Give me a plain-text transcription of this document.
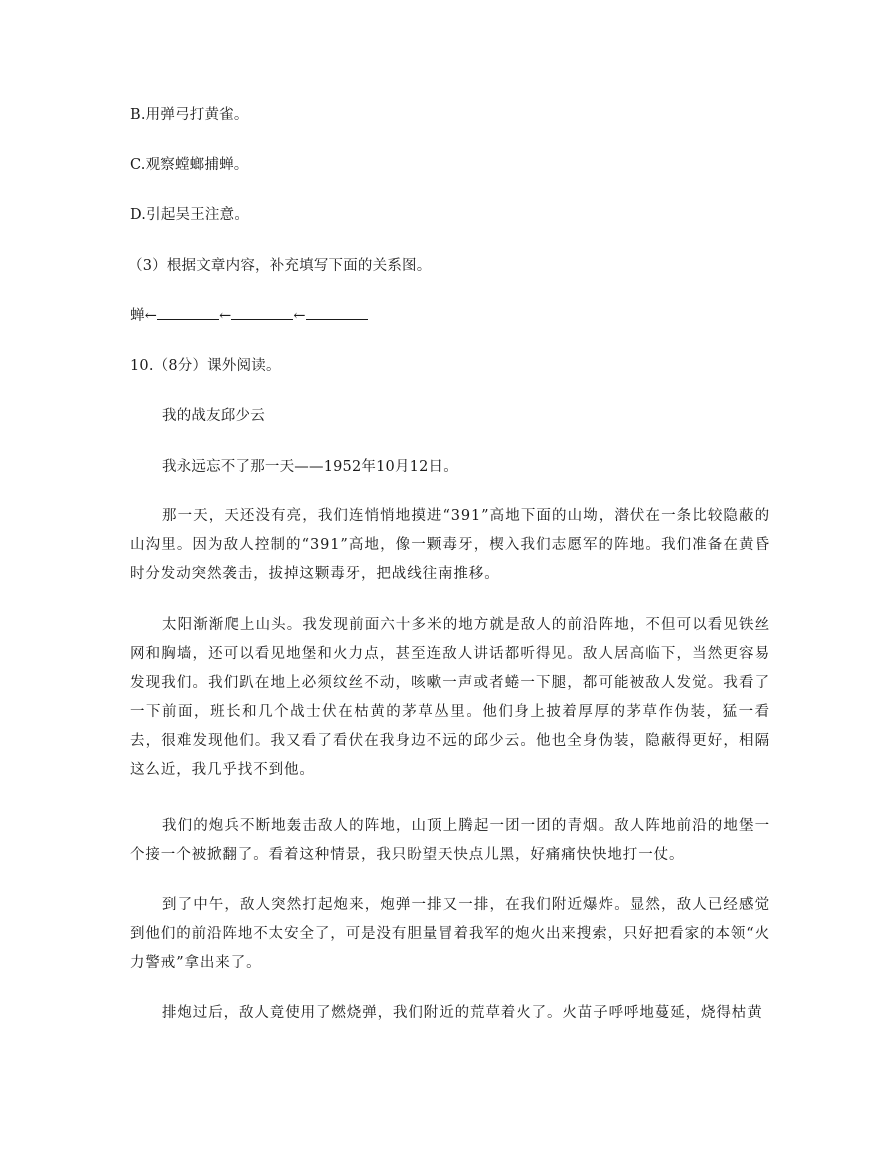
B.用弹弓打黄雀。
C.观察螳螂捕蝉。
D.引起吴王注意。
（3）根据文章内容，补充填写下面的关系图。
蝉←	←	←
10.（8分）课外阅读。
我的战友邱少云
我永远忘不了那一天——1952年10月12日。
那一天，天还没有亮，我们连悄悄地摸进“391”高地下面的山坳，潜伏在一条比较隐蔽的山沟里。因为敌人控制的“391”高地，像一颗毒牙，楔入我们志愿军的阵地。我们准备在黄昏时分发动突然袭击，拔掉这颗毒牙，把战线往南推移。
太阳渐渐爬上山头。我发现前面六十多米的地方就是敌人的前沿阵地，不但可以看见铁丝网和胸墙，还可以看见地堡和火力点，甚至连敌人讲话都听得见。敌人居高临下，当然更容易发现我们。我们趴在地上必须纹丝不动，咳嗽一声或者蜷一下腿，都可能被敌人发觉。我看了一下前面，班长和几个战士伏在枯黄的茅草丛里。他们身上披着厚厚的茅草作伪装，猛一看去，很难发现他们。我又看了看伏在我身边不远的邱少云。他也全身伪装，隐蔽得更好，相隔这么近，我几乎找不到他。
我们的炮兵不断地轰击敌人的阵地，山顶上腾起一团一团的青烟。敌人阵地前沿的地堡一个接一个被掀翻了。看着这种情景，我只盼望天快点儿黑，好痛痛快快地打一仗。
到了中午，敌人突然打起炮来，炮弹一排又一排，在我们附近爆炸。显然，敌人已经感觉到他们的前沿阵地不太安全了，可是没有胆量冒着我军的炮火出来搜索，只好把看家的本领“火力警戒”拿出来了。
排炮过后，敌人竟使用了燃烧弹，我们附近的荒草着火了。火苗子呼呼地蔓延，烧得枯黄
